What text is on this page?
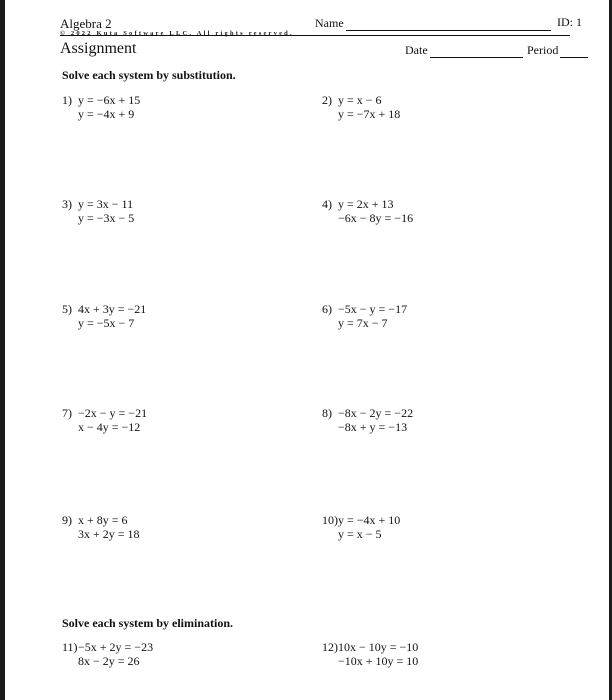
Algebra 2
© 2022 Kuta Software LLC. All rights reserved.
Assignment
Name	ID: 1
Date	Period
Solve each system by substitution.
Solve each system by elimination.
1) y = −6x + 15
y = −4x + 9
2) y = x − 6
y = −7x + 18
3) y = 3x − 11
y = −3x − 5
4) y = 2x + 13
−6x − 8y = −16
5) 4x + 3y = −21
y = −5x − 7
6) −5x − y = −17
y = 7x − 7
7) −2x − y = −21
x − 4y = −12
8) −8x − 2y = −22
−8x + y = −13
9) x + 8y = 6
3x + 2y = 18
10)y = −4x + 10
y = x − 5
11)−5x + 2y = −23
8x − 2y = 26
12)10x − 10y = −10
−10x + 10y = 10
